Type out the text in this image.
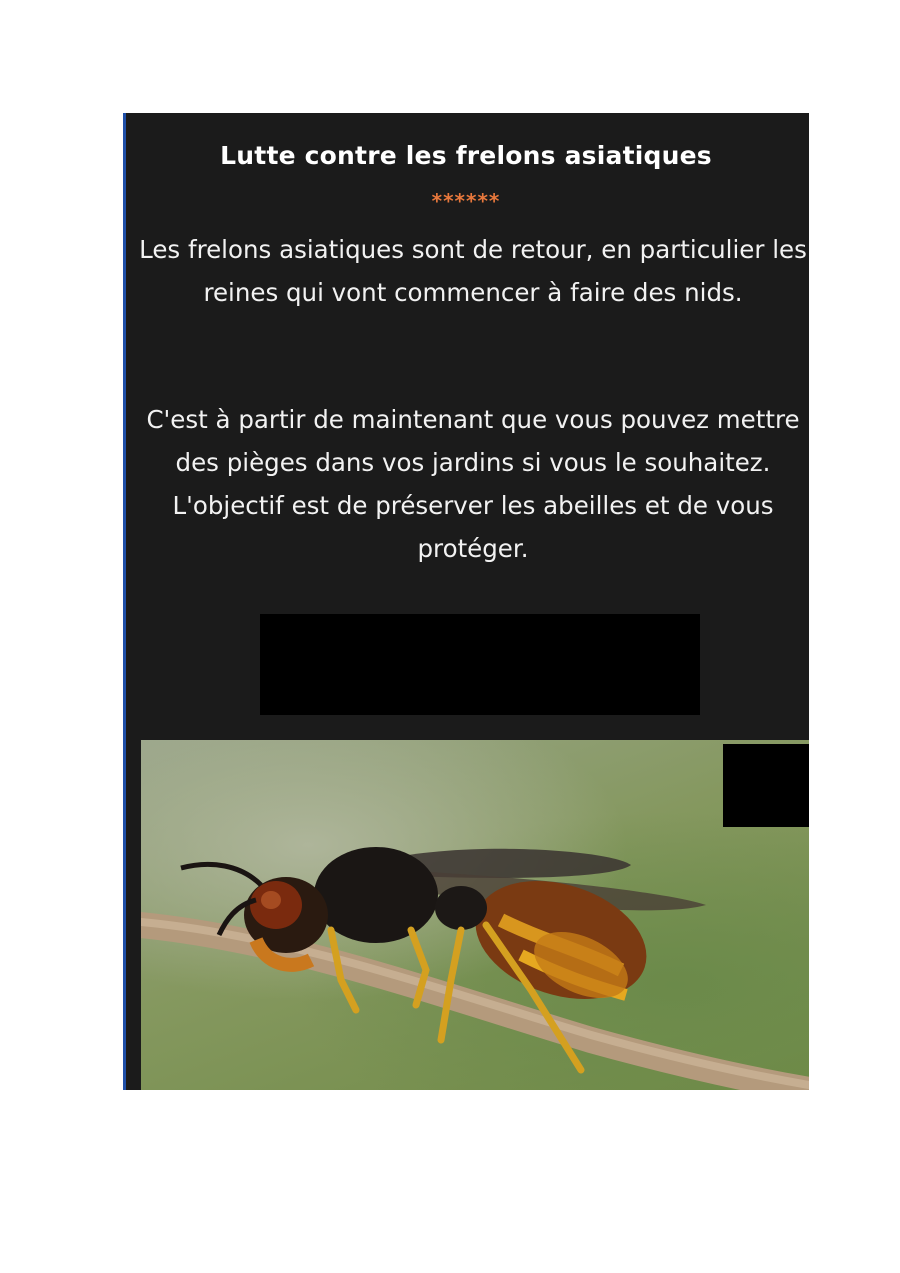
Lutte contre les frelons asiatiques
******
Les frelons asiatiques sont de retour, en particulier les reines qui vont commencer à faire des nids.
C'est à partir de maintenant que vous pouvez mettre des pièges dans vos jardins si vous le souhaitez. L'objectif est de préserver les abeilles et de vous protéger.
